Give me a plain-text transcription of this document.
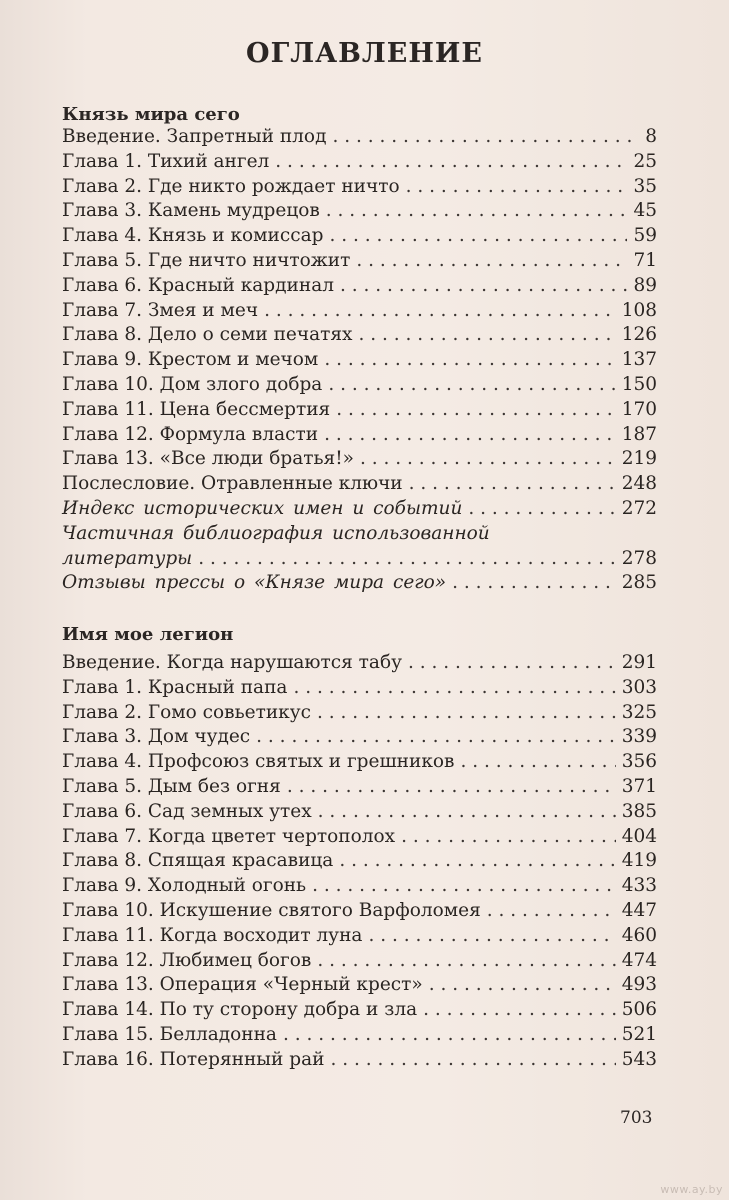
ОГЛАВЛЕНИЕ
Князь мира сего
Введение. Запретный плод . . .	8
Глава 1. Тихий ангел . . .	25
Глава 2. Где никто рождает ничто . . .	35
Глава 3. Камень мудрецов . . .	45
Глава 4. Князь и комиссар . . .	59
Глава 5. Где ничто ничтожит . . .	71
Глава 6. Красный кардинал . . .	89
Глава 7. Змея и меч . . .	108
Глава 8. Дело о семи печатях . . .	126
Глава 9. Крестом и мечом . . .	137
Глава 10. Дом злого добра . . .	150
Глава 11. Цена бессмертия . . .	170
Глава 12. Формула власти . . .	187
Глава 13. «Все люди братья!» . . .	219
Послесловие. Отравленные ключи . . .	248
Индекс исторических имен и событий . . .	272
Частичная библиография использованной
литературы . . .	278
Отзывы прессы о «Князе мира сего» . . .	285
Имя мое легион
Введение. Когда нарушаются табу . . .	291
Глава 1. Красный папа . . .	303
Глава 2. Гомо совьетикус . . .	325
Глава 3. Дом чудес . . .	339
Глава 4. Профсоюз святых и грешников . . .	356
Глава 5. Дым без огня . . .	371
Глава 6. Сад земных утех . . .	385
Глава 7. Когда цветет чертополох . . .	404
Глава 8. Спящая красавица . . .	419
Глава 9. Холодный огонь . . .	433
Глава 10. Искушение святого Варфоломея . . .	447
Глава 11. Когда восходит луна . . .	460
Глава 12. Любимец богов . . .	474
Глава 13. Операция «Черный крест» . . .	493
Глава 14. По ту сторону добра и зла . . .	506
Глава 15. Белладонна . . .	521
Глава 16. Потерянный рай . . .	543
703
www.ay.by
